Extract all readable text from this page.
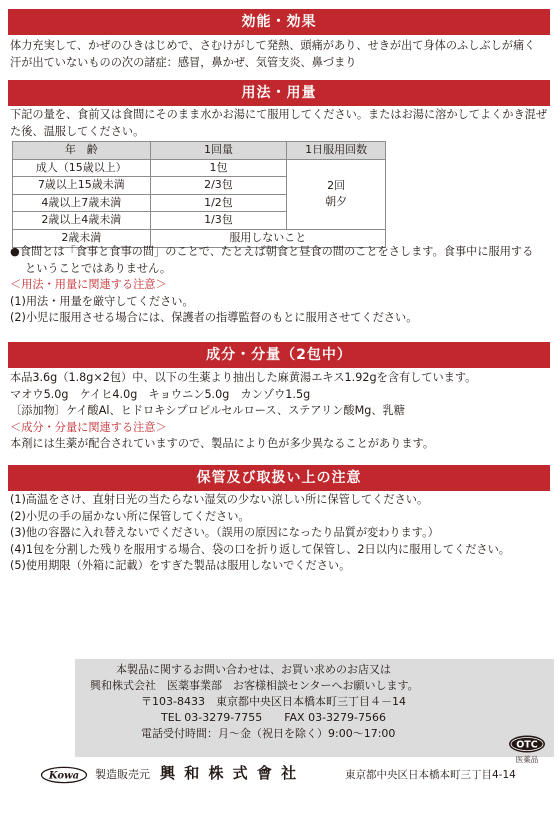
効能・効果
体力充実して、かぜのひきはじめで、さむけがして発熱、頭痛があり、せきが出て身体のふしぶしが痛く
汗が出ていないものの次の諸症：感冒，鼻かぜ、気管支炎、鼻づまり
用法・用量
下記の量を、食前又は食間にそのまま水かお湯にて服用してください。またはお湯に溶かしてよくかき混ぜ
た後、温服してください。
年　齢	1回量	1日服用回数
成人（15歳以上）	1包	2回
朝夕

7歳以上15歳未満	2/3包	
4歳以上7歳未満	1/2包	
2歳以上4歳未満	1/3包	
2歳未満	服用しないこと	
●食間とは「食事と食事の間」のことで、たとえば朝食と昼食の間のことをさします。食事中に服用する
ということではありません。
＜用法・用量に関連する注意＞
(1)用法・用量を厳守してください。
(2)小児に服用させる場合には、保護者の指導監督のもとに服用させてください。
成分・分量（2包中）
本品3.6g（1.8g×2包）中、以下の生薬より抽出した麻黄湯エキス1.92gを含有しています。
マオウ5.0g　ケイヒ4.0g　キョウニン5.0g　カンゾウ1.5g
〔添加物〕ケイ酸Al、ヒドロキシプロピルセルロース、ステアリン酸Mg、乳糖
＜成分・分量に関連する注意＞
本剤には生薬が配合されていますので、製品により色が多少異なることがあります。
保管及び取扱い上の注意
(1)高温をさけ、直射日光の当たらない湿気の少ない涼しい所に保管してください。
(2)小児の手の届かない所に保管してください。
(3)他の容器に入れ替えないでください。（誤用の原因になったり品質が変わります。）
(4)1包を分割した残りを服用する場合、袋の口を折り返して保管し、2日以内に服用してください。
(5)使用期限（外箱に記載）をすぎた製品は服用しないでください。
本製品に関するお問い合わせは、お買い求めのお店又は
興和株式会社　医薬事業部　お客様相談センターへお願いします。
〒103-8433　東京都中央区日本橋本町三丁目４－14
TEL 03-3279-7755　　FAX 03-3279-7566
電話受付時間：月～金（祝日を除く）9:00～17:00
OTC
医薬品
Kowa 製造販売元 興 和 株 式 會 社	東京都中央区日本橋本町三丁目4-14
